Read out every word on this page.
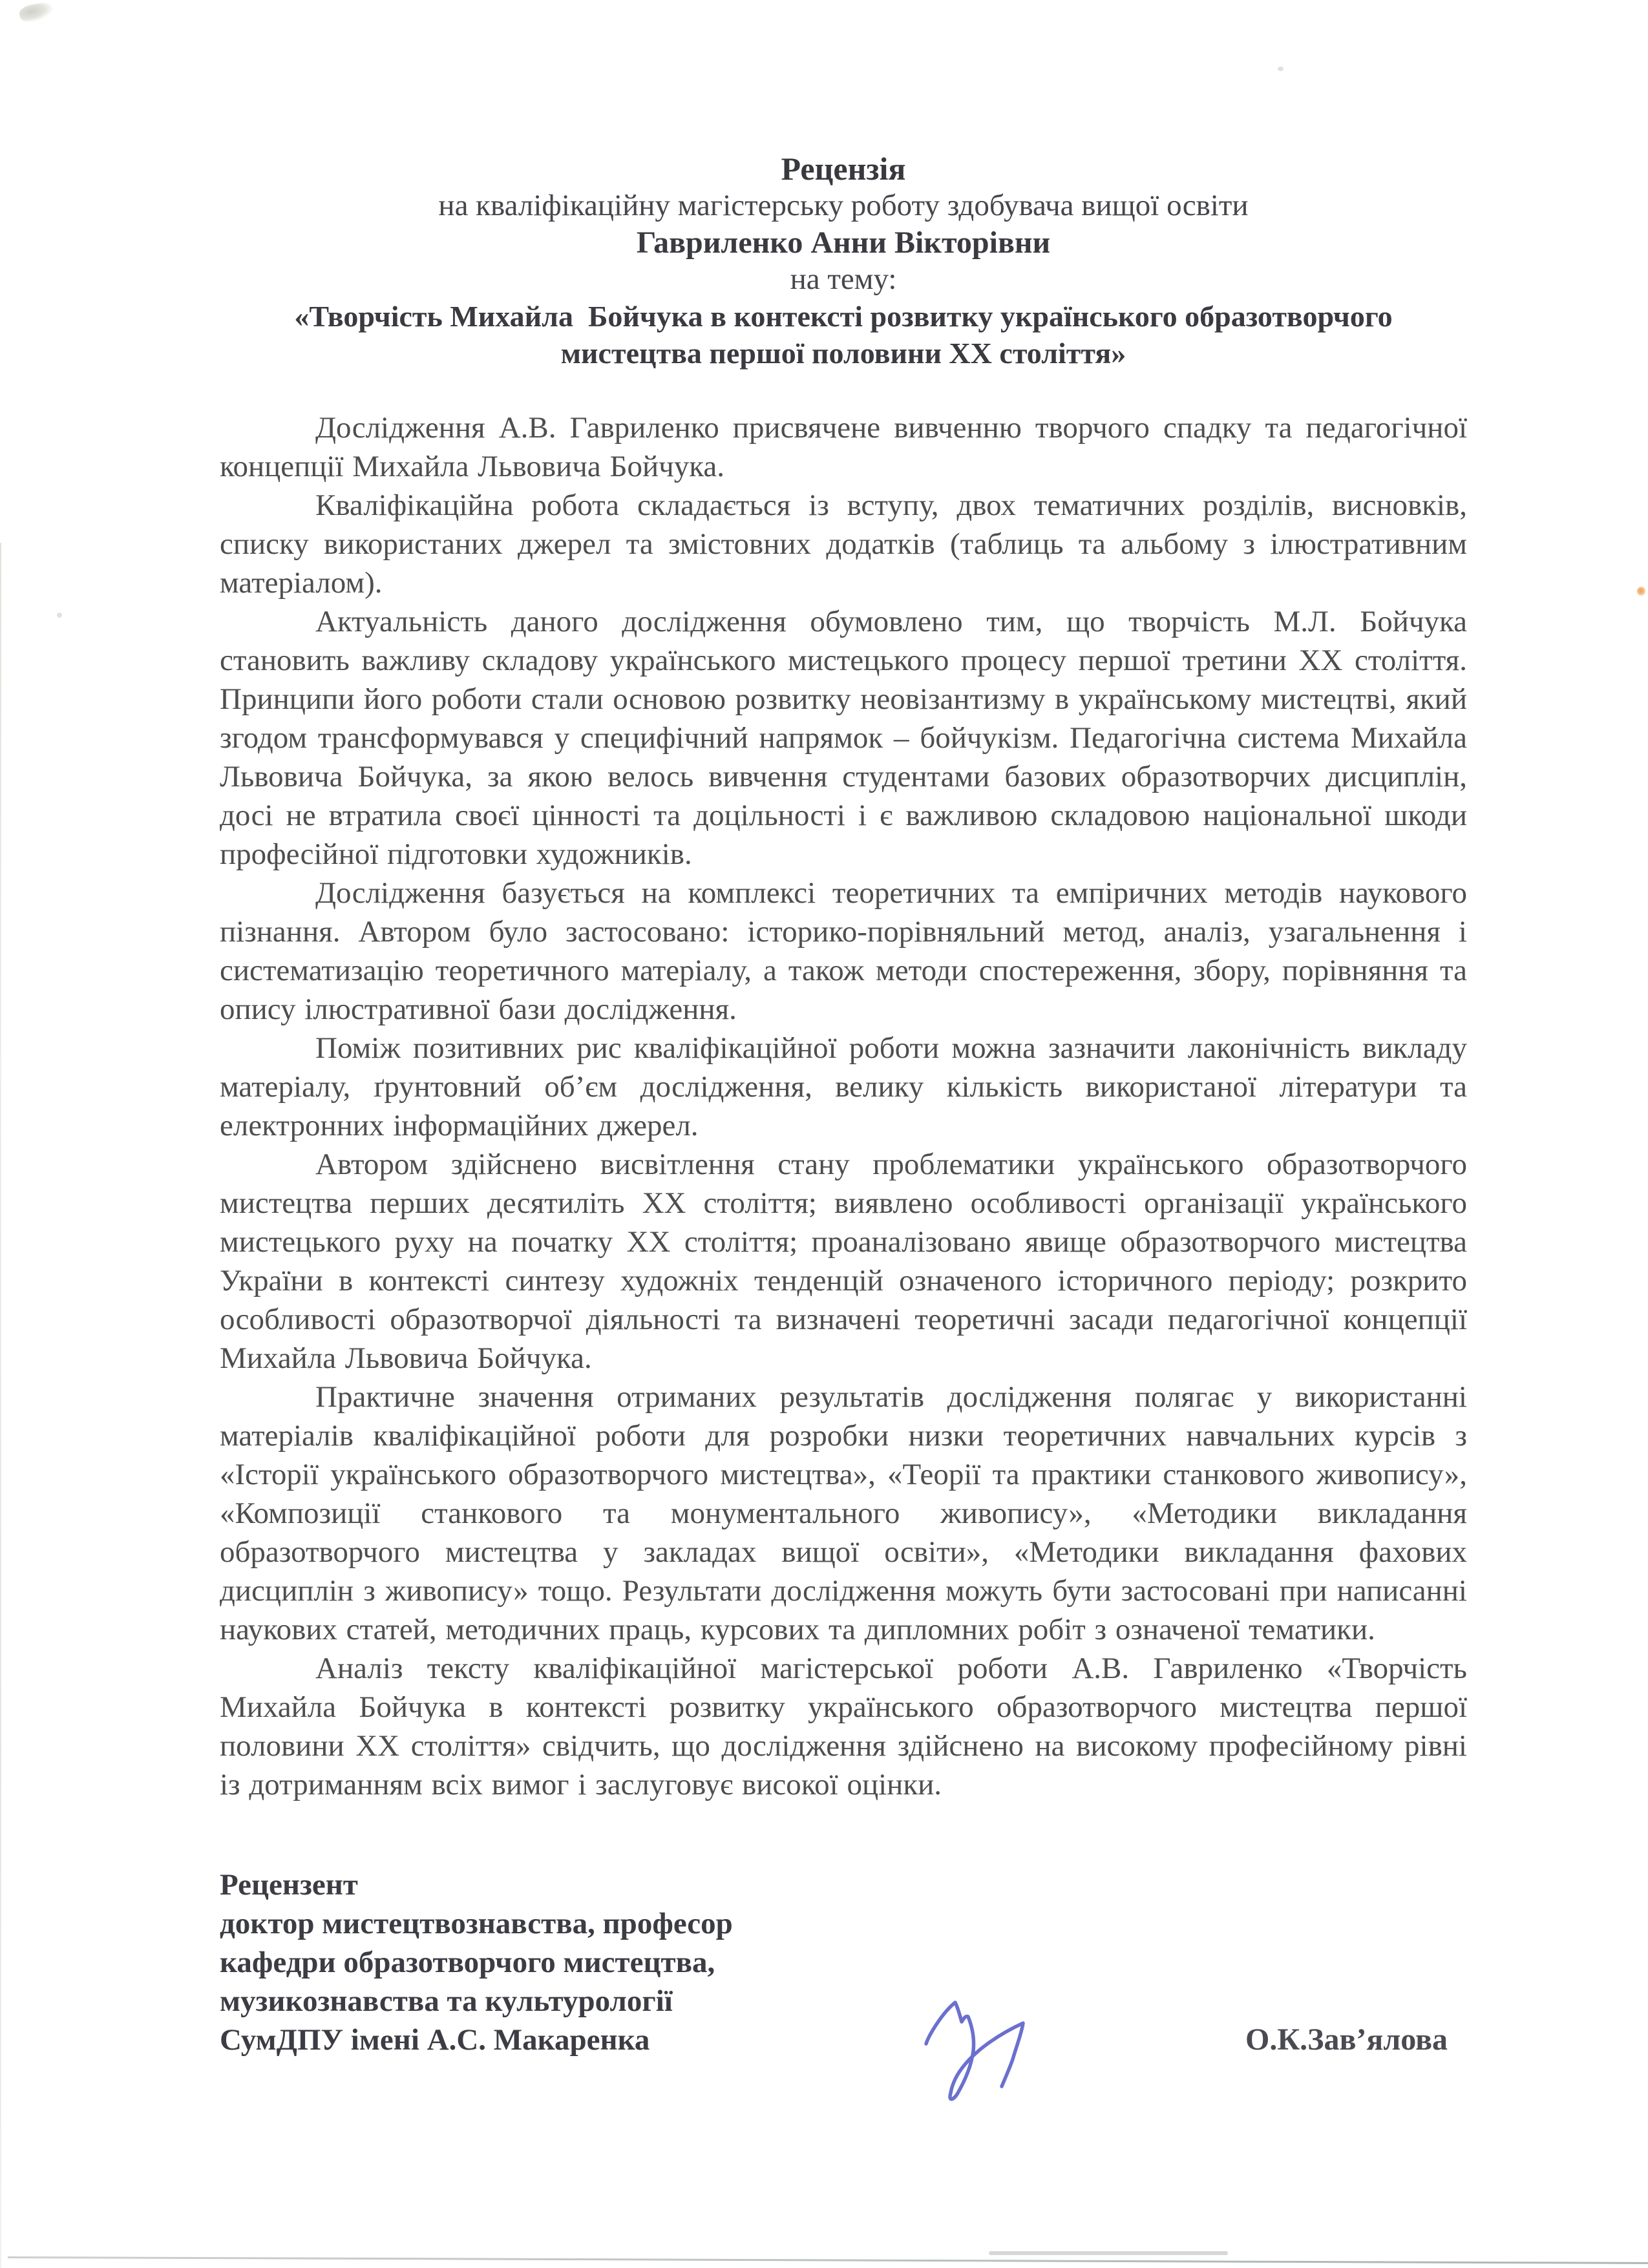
Рецензія
на кваліфікаційну магістерську роботу здобувача вищої освіти
Гавриленко Анни Вікторівни
на тему:
«Творчість Михайла  Бойчука в контексті розвитку українського образотворчого
мистецтва першої половини ХХ століття»

Дослідження А.В. Гавриленко присвячене вивченню творчого спадку та педагогічної концепції Михайла Львовича Бойчука.

Кваліфікаційна робота складається із вступу, двох тематичних розділів, висновків, списку використаних джерел та змістовних додатків (таблиць та альбому з ілюстративним матеріалом).

Актуальність даного дослідження обумовлено тим, що творчість М.Л. Бойчука становить важливу складову українського мистецького процесу першої третини ХХ століття. Принципи його роботи стали основою розвитку неовізантизму в українському мистецтві, який згодом трансформувався у специфічний напрямок – бойчукізм. Педагогічна система Михайла Львовича Бойчука, за якою велось вивчення студентами базових образотворчих дисциплін, досі не втратила своєї цінності та доцільності і є важливою складовою національної шкоди професійної підготовки художників.

Дослідження базується на комплексі теоретичних та емпіричних методів наукового пізнання. Автором було застосовано: історико-порівняльний метод, аналіз, узагальнення і систематизацію теоретичного матеріалу, а також методи спостереження, збору, порівняння та опису ілюстративної бази дослідження.

Поміж позитивних рис кваліфікаційної роботи можна зазначити лаконічність викладу матеріалу, ґрунтовний об’єм дослідження, велику кількість використаної літератури та електронних інформаційних джерел.

Автором здійснено висвітлення стану проблематики українського образотворчого мистецтва перших десятиліть ХХ століття; виявлено особливості організації українського мистецького руху на початку ХХ століття; проаналізовано явище образотворчого мистецтва України в контексті синтезу художніх тенденцій означеного історичного періоду; розкрито особливості образотворчої діяльності та визначені теоретичні засади педагогічної концепції Михайла Львовича Бойчука.

Практичне значення отриманих результатів дослідження полягає у використанні матеріалів кваліфікаційної роботи для розробки низки теоретичних навчальних курсів з «Історії українського образотворчого мистецтва», «Теорії та практики станкового живопису», «Композиції станкового та монументального живопису», «Методики викладання образотворчого мистецтва у закладах вищої освіти», «Методики викладання фахових дисциплін з живопису» тощо. Результати дослідження можуть бути застосовані при написанні наукових статей, методичних праць, курсових та дипломних робіт з означеної тематики.

Аналіз тексту кваліфікаційної магістерської роботи А.В. Гавриленко «Творчість Михайла Бойчука в контексті розвитку українського образотворчого мистецтва першої половини ХХ століття» свідчить, що дослідження здійснено на високому професійному рівні із дотриманням всіх вимог і заслуговує високої оцінки.

Рецензент

доктор мистецтвознавства, професор

кафедри образотворчого мистецтва,

музикознавства та культурології

СумДПУ імені А.С. Макаренка	О.К.Зав’ялова
